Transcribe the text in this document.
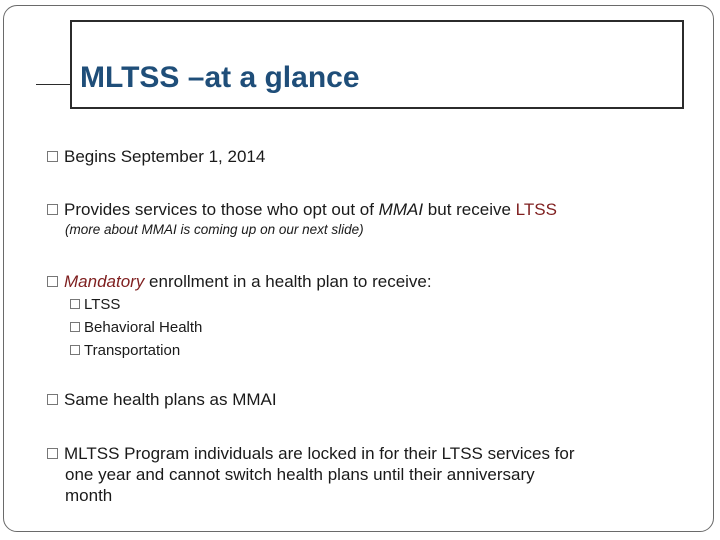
MLTSS –at a glance
Begins September 1, 2014
Provides services to those who opt out of MMAI but receive LTSS
(more about MMAI is coming up on our next slide)
Mandatory enrollment in a health plan to receive:
LTSS
Behavioral Health
Transportation
Same health plans as MMAI
MLTSS Program individuals are locked in for their LTSS services for
one year and cannot switch health plans until their anniversary
month
